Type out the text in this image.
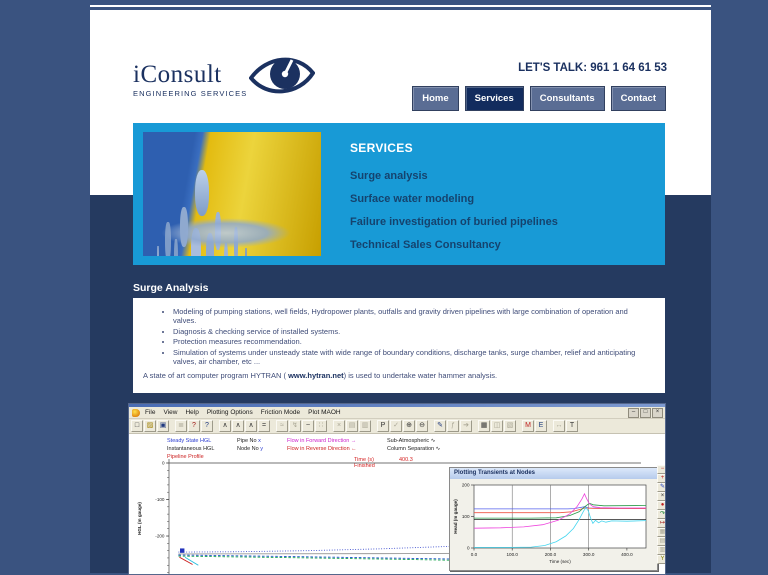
iConsult
ENGINEERING SERVICES
LET'S TALK: 961 1 64 61 53
Home	Services	Consultants	Contact
SERVICES
Surge analysis
Surface water modeling
Failure investigation of buried pipelines
Technical Sales Consultancy
Surge Analysis
• Modeling of pumping stations, well fields, Hydropower plants, outfalls and gravity driven pipelines with large combination of operation and valves.
• Diagnosis & checking service of installed systems.
• Protection measures recommendation.
• Simulation of systems under unsteady state with wide range of boundary conditions, discharge tanks, surge chamber, relief and anticipating valves, air chamber, etc ...
A state of art computer program HYTRAN ( www.hytran.net) is used to undertake water hammer analysis.
File View Help Plotting Options Friction Mode Plot MAOH	–	□	×
□	▨ ▣	≣	?	?	∧	∧	∧	=	≈	↯	~	∷	×	▤ ▥	P	✓	⊕	⊖	✎	ƒ	➔	▦ ◫ ▧	M	E	↔	T
Steady State HGL	Pipe No x	Flow in Forward Direction →	Sub-Atmospheric ∿
Instantaneous HGL	Node No y	Flow in Reverse Direction ←	Column Separation ∿
Pipeline Profile	Time (s)
Finished
400.3
0
-100
-200
HGL (m gauge)
Plotting Transients at Nodes
0
100
200
0.0	100.0	200.0	300.0	400.0
Time (sec)
Head (m gauge)
−
+
✎
×
●
↷
↦
▦
▤
▥
Y
